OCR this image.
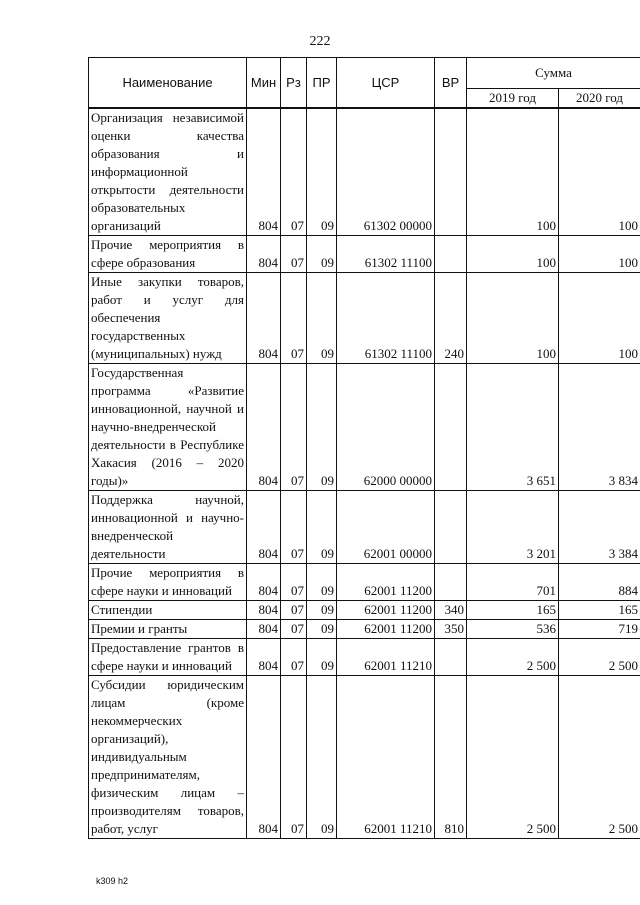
222
Наименование	Мин	Рз	ПР	ЦСР	ВР	Сумма	
						2019 год	2020 год
Организация независимой оценки качества образования и информационной открытости деятельности образовательных организаций	804	07	09	61302 00000		100	100
Прочие мероприятия в сфере образования	804	07	09	61302 11100		100	100
Иные закупки товаров, работ и услуг для обеспечения государственных (муниципальных) нужд	804	07	09	61302 11100	240	100	100
Государственная программа «Развитие инновационной, научной и научно-внедренческой деятельности в Республике Хакасия (2016 – 2020 годы)»	804	07	09	62000 00000		3 651	3 834
Поддержка научной, инновационной и научно-внедренческой деятельности	804	07	09	62001 00000		3 201	3 384
Прочие мероприятия в сфере науки и инноваций	804	07	09	62001 11200		701	884
Стипендии	804	07	09	62001 11200	340	165	165
Премии и гранты	804	07	09	62001 11200	350	536	719
Предоставление грантов в сфере науки и инноваций	804	07	09	62001 11210		2 500	2 500
Субсидии юридическим лицам (кроме некоммерческих организаций), индивидуальным предпринимателям, физическим лицам – производителям товаров, работ, услуг	804	07	09	62001 11210	810	2 500	2 500
k309 h2
